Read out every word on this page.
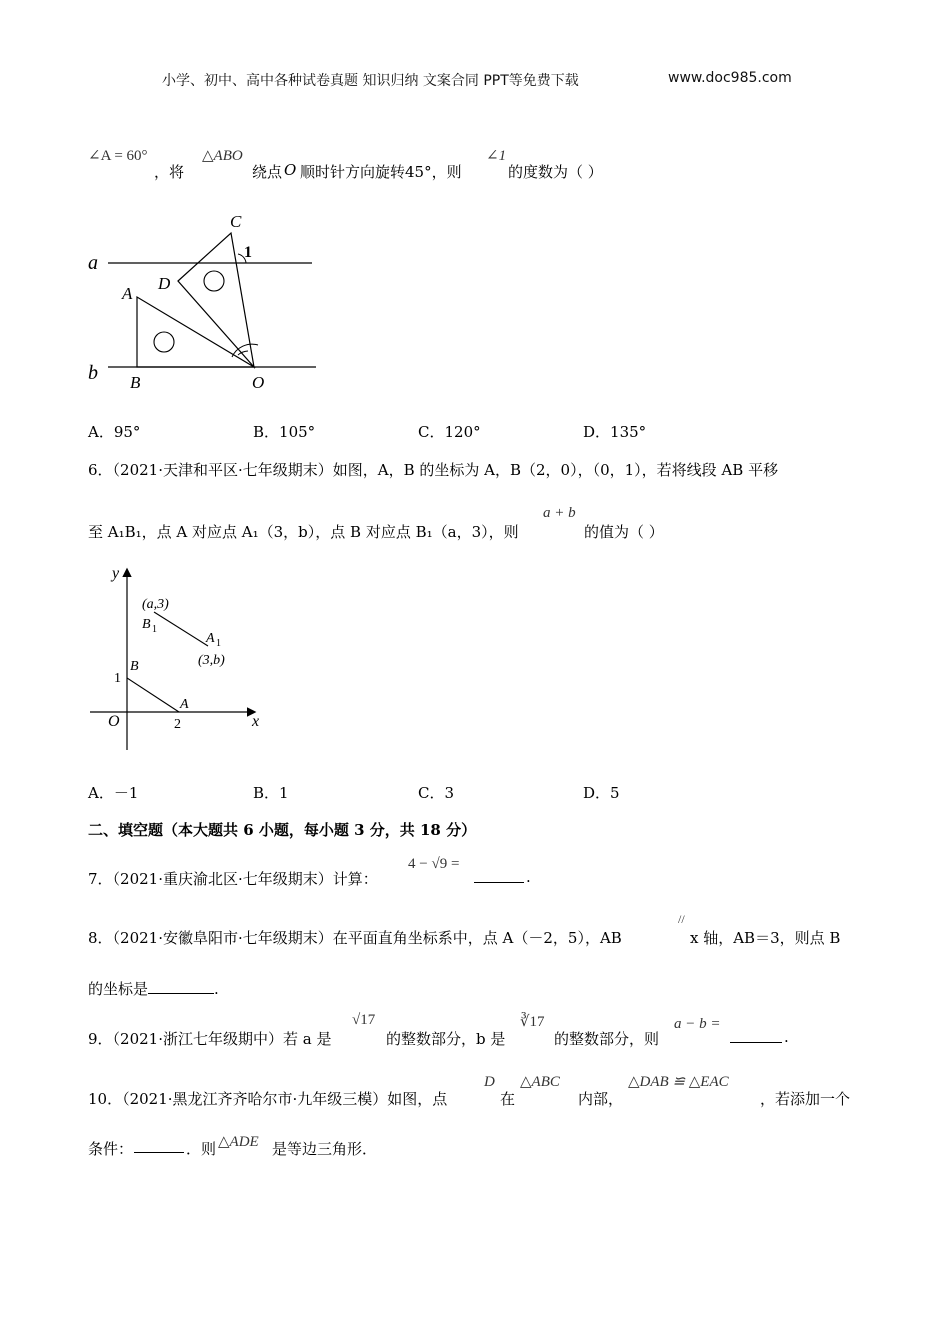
小学、初中、高中各种试卷真题 知识归纳 文案合同 PPT等免费下载	www.doc985.com
∠A = 60°
，将
△ABO
绕点 O 顺时针方向旋转45°，则
∠1
的度数为（ ）
a
b
A
B
C
D
O
1
A．95°	B．105°	C．120°	D．135°
6．（2021·天津和平区·七年级期末）如图，A，B 的坐标为 A，B（2，0），（0，1），若将线段 AB 平移
至 A₁B₁，点 A 对应点 A₁（3，b），点 B 对应点 B₁（a，3），则
a + b
的值为（ ）
y
x
O
1
2
A
B
(a,3)
B 1
A 1
(3,b)
A．－1	B．1	C．3	D．5
二、填空题（本大题共 6 小题，每小题 3 分，共 18 分）
7．（2021·重庆渝北区·七年级期末）计算：
4 − √9 =
.
8．（2021·安徽阜阳市·七年级期末）在平面直角坐标系中，点 A（－2，5），AB
//
x 轴，AB＝3，则点 B
的坐标是	.
9．（2021·浙江七年级期中）若 a 是
√17
的整数部分，b 是
∛17
的整数部分，则
a − b =
.
10．（2021·黑龙江齐齐哈尔市·九年级三模）如图，点
D
在
△ABC
内部，
△DAB ≌ △EAC
，若添加一个
条件：	．则 △ADE 是等边三角形．
